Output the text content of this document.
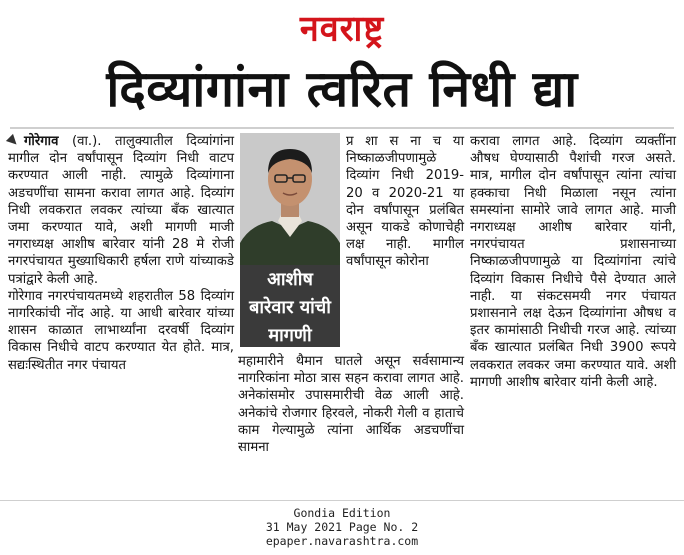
नवराष्ट्र
दिव्यांगांना त्वरित निधी द्या

गोरेगाव (वा.). तालुक्यातील दिव्यांगांना मागील दोन वर्षांपासून दिव्यांग निधी वाटप करण्यात आली नाही. त्यामुळे दिव्यांगाना अडचणींचा सामना करावा लागत आहे. दिव्यांग निधी लवकरात लवकर त्यांच्या बँक खात्यात जमा करण्यात यावे, अशी मागणी माजी नगराध्यक्ष आशीष बारेवार यांनी 28 मे रोजी नगरपंचायत मुख्याधिकारी हर्षला राणे यांच्याकडे पत्रांद्वारे केली आहे.

गोरेगाव नगरपंचायतमध्ये शहरातील 58 दिव्यांग नागरिकांची नोंद आहे. या आधी बारेवार यांच्या शासन काळात लाभार्थ्यांना दरवर्षी दिव्यांग विकास निधीचे वाटप करण्यात येत होते. मात्र, सद्यःस्थितीत नगर पंचायत

आशीष
बारेवार यांची
मागणी

प्र शा स ना च या निष्काळजीपणामुळे दिव्यांग निधी 2019-20 व 2020-21 या दोन वर्षांपासून प्रलंबित असून याकडे कोणाचेही लक्ष नाही. मागील वर्षांपासून कोरोना

महामारीने थैमान घातले असून सर्वसामान्य नागरिकांना मोठा त्रास सहन करावा लागत आहे. अनेकांसमोर उपासमारीची वेळ आली आहे. अनेकांचे रोजगार हिरवले, नोकरी गेली व हाताचे काम गेल्यामुळे त्यांना आर्थिक अडचणींचा सामना

करावा लागत आहे. दिव्यांग व्यक्तींना औषध घेण्यासाठी पैशांची गरज असते. मात्र, मागील दोन वर्षांपासून त्यांना त्यांचा हक्काचा निधी मिळाला नसून त्यांना समस्यांना सामोरे जावे लागत आहे. माजी नगराध्यक्ष आशीष बारेवार यांनी, नगरपंचायत प्रशासनाच्या निष्काळजीपणामुळे या दिव्यांगांना त्यांचे दिव्यांग विकास निधीचे पैसे देण्यात आले नाही. या संकटसमयी नगर पंचायत प्रशासनाने लक्ष देऊन दिव्यांगांना औषध व इतर कामांसाठी निधीची गरज आहे. त्यांच्या बँक खात्यात प्रलंबित निधी 3900 रूपये लवकरात लवकर जमा करण्यात यावे. अशी मागणी आशीष बारेवार यांनी केली आहे.

Gondia Edition
31 May 2021 Page No. 2
epaper.navarashtra.com
